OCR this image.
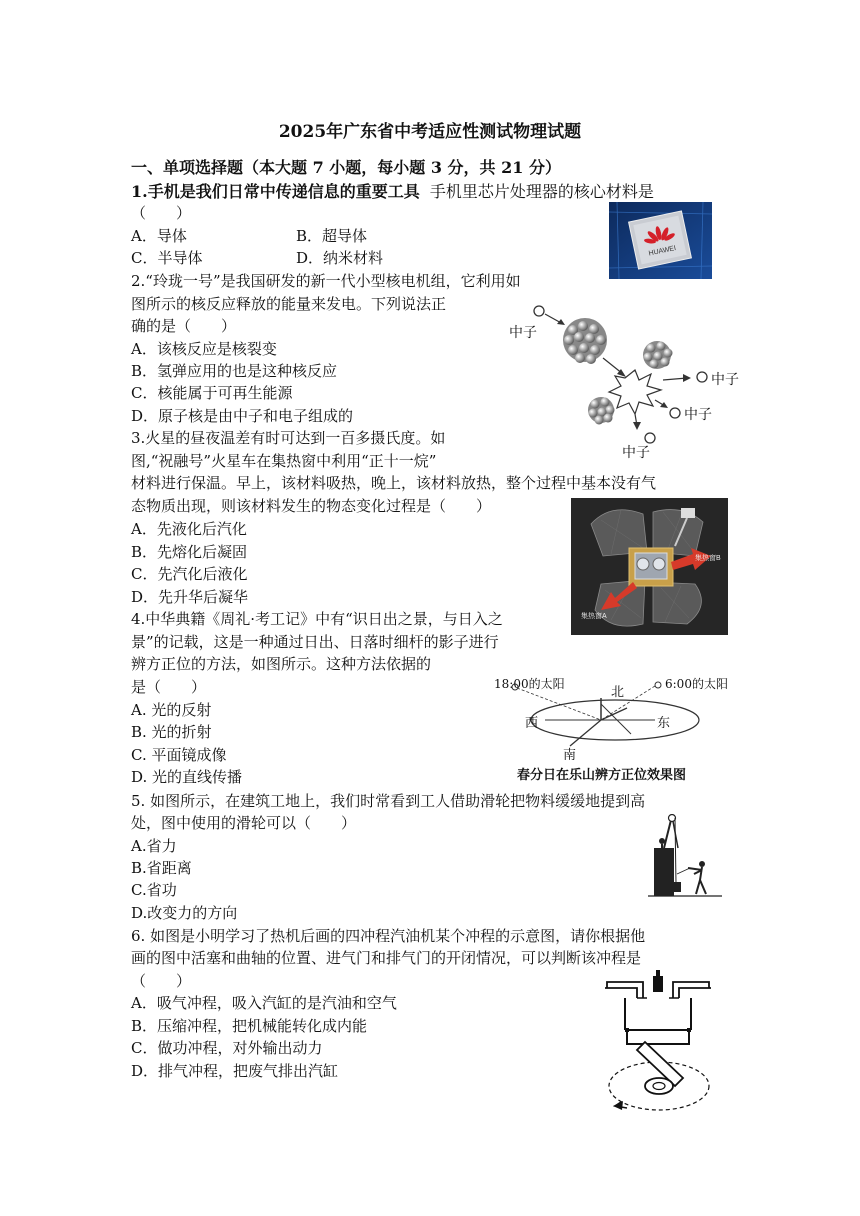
2025年广东省中考适应性测试物理试题
一、单项选择题（本大题 7 小题，每小题 3 分，共 21 分）
1.手机是我们日常中传递信息的重要工具 手机里芯片处理器的核心材料是
（　　）
A．导体	B．超导体
C．半导体	D．纳米材料	HUAWEI
2.“玲珑一号”是我国研发的新一代小型核电机组，它利用如
图所示的核反应释放的能量来发电。下列说法正
确的是（　　）
A．该核反应是核裂变
B．氢弹应用的也是这种核反应
C．核能属于可再生能源
D．原子核是由中子和电子组成的
中子
中子
中子
中子
3.火星的昼夜温差有时可达到一百多摄氏度。如
图,“祝融号”火星车在集热窗中利用“正十一烷”
材料进行保温。早上，该材料吸热，晚上，该材料放热，整个过程中基本没有气
态物质出现，则该材料发生的物态变化过程是（　　）
A．先液化后汽化
B．先熔化后凝固
C．先汽化后液化
D．先升华后凝华
集热窗B
集热窗A
4.中华典籍《周礼·考工记》中有“识日出之景，与日入之
景”的记载，这是一种通过日出、日落时细杆的影子进行
辨方正位的方法，如图所示。这种方法依据的
是（　　）
A. 光的反射
B. 光的折射
C. 平面镜成像
D. 光的直线传播
18:00的太阳	6:00的太阳
北
西	东
南
春分日在乐山辨方正位效果图
5. 如图所示，在建筑工地上，我们时常看到工人借助滑轮把物料缓缓地提到高
处，图中使用的滑轮可以（　　）
A.省力
B.省距离
C.省功
D.改变力的方向
6. 如图是小明学习了热机后画的四冲程汽油机某个冲程的示意图，请你根据他
画的图中活塞和曲轴的位置、进气门和排气门的开闭情况，可以判断该冲程是
（　　）
A．吸气冲程，吸入汽缸的是汽油和空气
B．压缩冲程，把机械能转化成内能
C．做功冲程，对外输出动力
D．排气冲程，把废气排出汽缸
